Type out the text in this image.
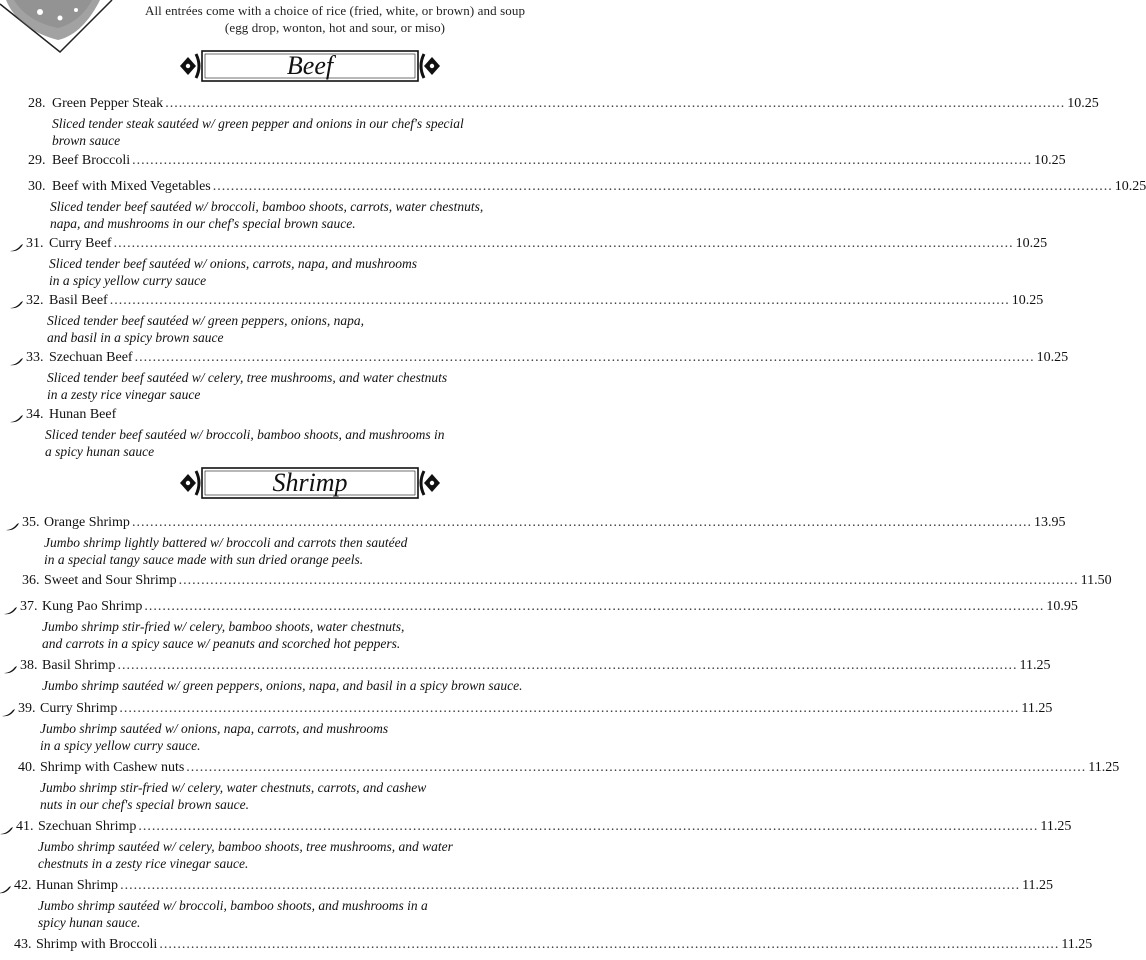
All entrées come with a choice of rice (fried, white, or brown) and soup
(egg drop, wonton, hot and sour, or miso)
Beef
Shrimp
28. Green Pepper Steak ........................................................................................................................................................................................................ 10.25
Sliced tender steak sautéed w/ green pepper and onions in our chef's special
brown sauce
29. Beef Broccoli ........................................................................................................................................................................................................ 10.25
30. Beef with Mixed Vegetables ........................................................................................................................................................................................................ 10.25
Sliced tender beef sautéed w/ broccoli, bamboo shoots, carrots, water chestnuts,
napa, and mushrooms in our chef's special brown sauce.
31. Curry Beef ........................................................................................................................................................................................................ 10.25
Sliced tender beef sautéed w/ onions, carrots, napa, and mushrooms
in a spicy yellow curry sauce
32. Basil Beef ........................................................................................................................................................................................................ 10.25
Sliced tender beef sautéed w/ green peppers, onions, napa,
and basil in a spicy brown sauce
33. Szechuan Beef ........................................................................................................................................................................................................ 10.25
Sliced tender beef sautéed w/ celery, tree mushrooms, and water chestnuts
in a zesty rice vinegar sauce
34. Hunan Beef
Sliced tender beef sautéed w/ broccoli, bamboo shoots, and mushrooms in
a spicy hunan sauce
35. Orange Shrimp ........................................................................................................................................................................................................ 13.95
Jumbo shrimp lightly battered w/ broccoli and carrots then sautéed
in a special tangy sauce made with sun dried orange peels.
36. Sweet and Sour Shrimp ........................................................................................................................................................................................................ 11.50
37. Kung Pao Shrimp ........................................................................................................................................................................................................ 10.95
Jumbo shrimp stir-fried w/ celery, bamboo shoots, water chestnuts,
and carrots in a spicy sauce w/ peanuts and scorched hot peppers.
38. Basil Shrimp ........................................................................................................................................................................................................ 11.25
Jumbo shrimp sautéed w/ green peppers, onions, napa, and basil in a spicy brown sauce.
39. Curry Shrimp ........................................................................................................................................................................................................ 11.25
Jumbo shrimp sautéed w/ onions, napa, carrots, and mushrooms
in a spicy yellow curry sauce.
40. Shrimp with Cashew nuts ........................................................................................................................................................................................................ 11.25
Jumbo shrimp stir-fried w/ celery, water chestnuts, carrots, and cashew
nuts in our chef's special brown sauce.
41. Szechuan Shrimp ........................................................................................................................................................................................................ 11.25
Jumbo shrimp sautéed w/ celery, bamboo shoots, tree mushrooms, and water
chestnuts in a zesty rice vinegar sauce.
42. Hunan Shrimp ........................................................................................................................................................................................................ 11.25
Jumbo shrimp sautéed w/ broccoli, bamboo shoots, and mushrooms in a
spicy hunan sauce.
43. Shrimp with Broccoli ........................................................................................................................................................................................................ 11.25
